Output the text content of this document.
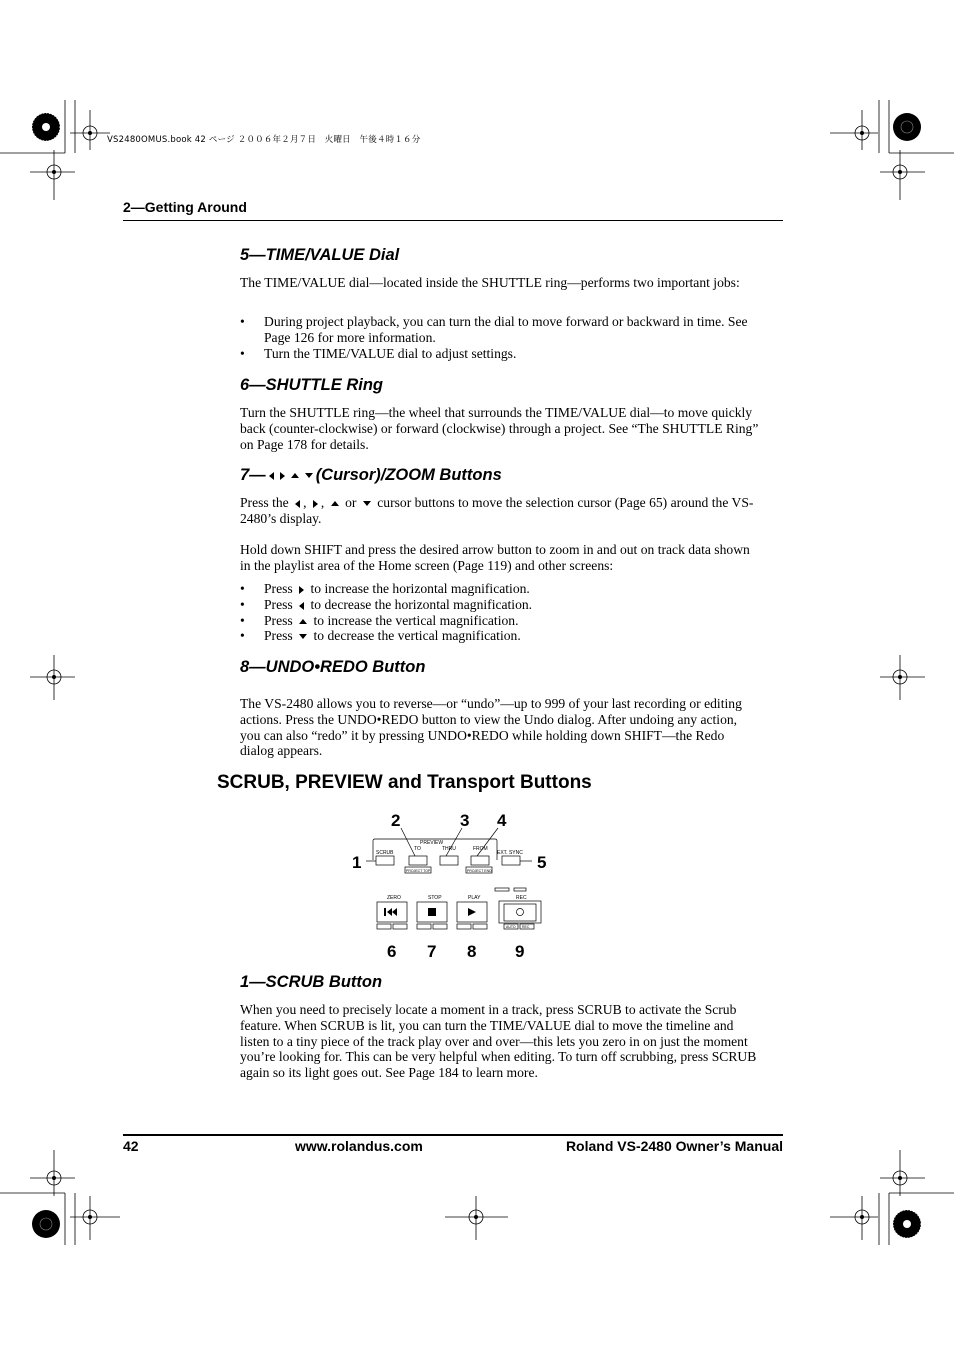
VS2480OMUS.book 42 ページ ２００６年２月７日　火曜日　午後４時１６分
2—Getting Around
5—TIME/VALUE Dial
The TIME/VALUE dial—located inside the SHUTTLE ring—performs two important jobs:
• During project playback, you can turn the dial to move forward or backward in time. See Page 126 for more information.
• Turn the TIME/VALUE dial to adjust settings.
6—SHUTTLE Ring
Turn the SHUTTLE ring—the wheel that surrounds the TIME/VALUE dial—to move quickly back (counter-clockwise) or forward (clockwise) through a project. See “The SHUTTLE Ring” on Page 178 for details.
7—	(Cursor)/ZOOM Buttons
Press the , ,  or cursor buttons to move the selection cursor (Page 65) around the VS-2480’s display.
Hold down SHIFT and press the desired arrow button to zoom in and out on track data shown in the playlist area of the Home screen (Page 119) and other screens:
• Press to increase the horizontal magnification.
• Press to decrease the horizontal magnification.
• Press to increase the vertical magnification.
• Press to decrease the vertical magnification.
8—UNDO•REDO Button
The VS-2480 allows you to reverse—or “undo”—up to 999 of your last recording or editing actions. Press the UNDO•REDO button to view the Undo dialog. After undoing any action, you can also “redo” it by pressing UNDO•REDO while holding down SHIFT—the Redo dialog appears.
SCRUB, PREVIEW and Transport Buttons
PREVIEW
SCRUB
TO	THRU	FROM
EXT. SYNC
PROJECT TOP	PROJECT END
ZERO	STOP	PLAY	REC
AUTO REC
1
2	3 4
5
6 7 8 9
1—SCRUB Button
When you need to precisely locate a moment in a track, press SCRUB to activate the Scrub feature. When SCRUB is lit, you can turn the TIME/VALUE dial to move the timeline and listen to a tiny piece of the track play over and over—this lets you zero in on just the moment you’re looking for. This can be very helpful when editing. To turn off scrubbing, press SCRUB again so its light goes out. See Page 184 to learn more.
42	www.rolandus.com	Roland VS-2480 Owner’s Manual
